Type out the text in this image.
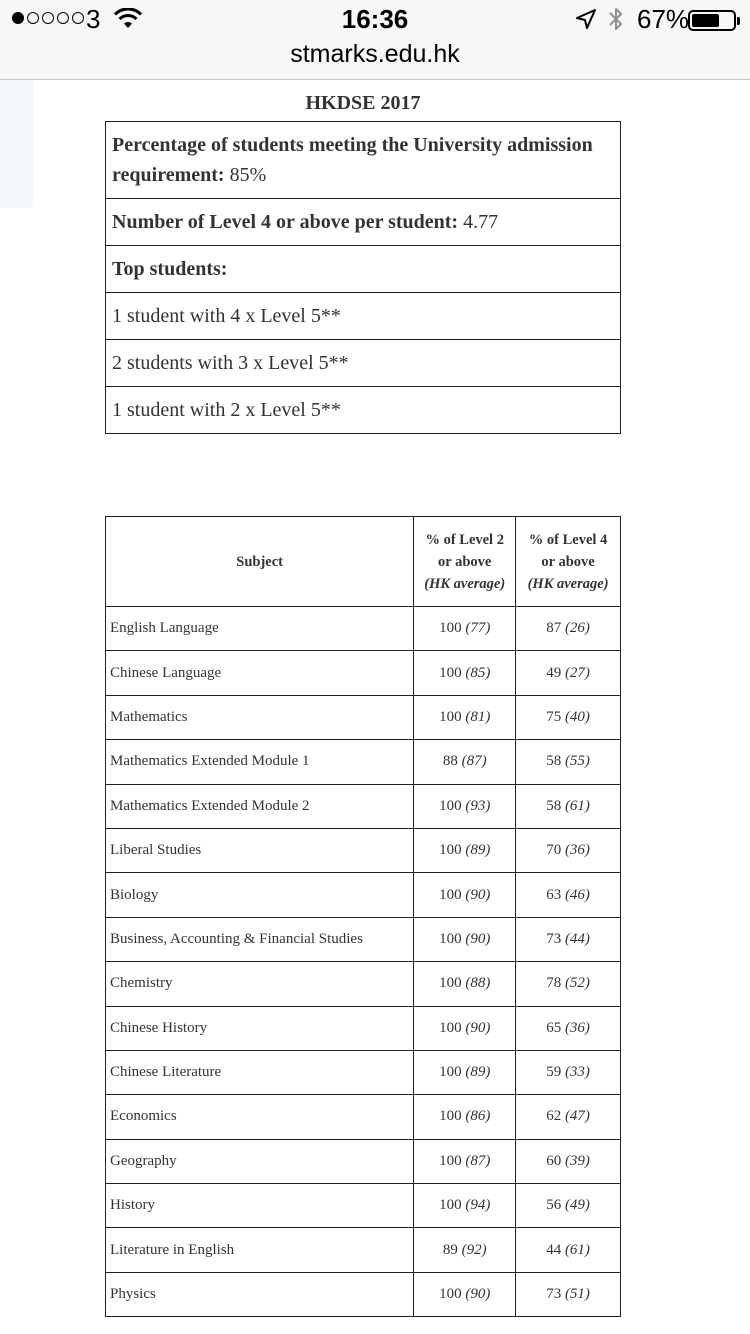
3	16:36	67%
stmarks.edu.hk
HKDSE 2017
Percentage of students meeting the University admission requirement: 85%
Number of Level 4 or above per student: 4.77
Top students:
1 student with 4 x Level 5**
2 students with 3 x Level 5**
1 student with 2 x Level 5**
Subject	% of Level 2
or above
(HK average)	% of Level 4
or above
(HK average)
English Language	100 (77)	87 (26)
Chinese Language	100 (85)	49 (27)
Mathematics	100 (81)	75 (40)
Mathematics Extended Module 1	88 (87)	58 (55)
Mathematics Extended Module 2	100 (93)	58 (61)
Liberal Studies	100 (89)	70 (36)
Biology	100 (90)	63 (46)
Business, Accounting & Financial Studies	100 (90)	73 (44)
Chemistry	100 (88)	78 (52)
Chinese History	100 (90)	65 (36)
Chinese Literature	100 (89)	59 (33)
Economics	100 (86)	62 (47)
Geography	100 (87)	60 (39)
History	100 (94)	56 (49)
Literature in English	89 (92)	44 (61)
Physics	100 (90)	73 (51)
